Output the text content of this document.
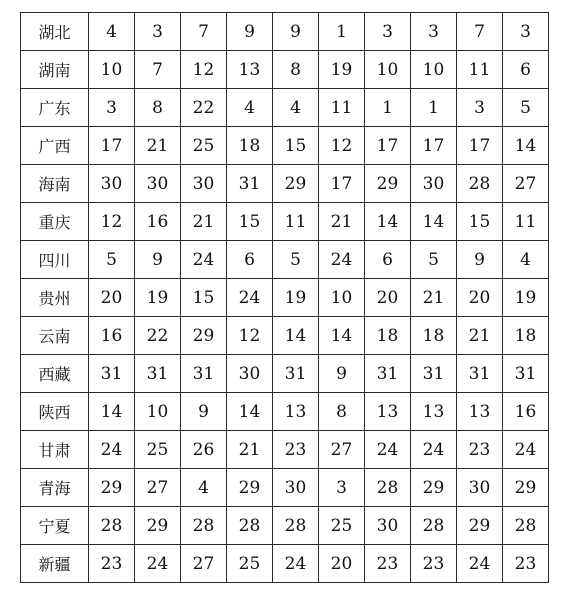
湖北	4	3	7	9	9	1	3	3	7	3
湖南	10	7	12	13	8	19	10	10	11	6
广东	3	8	22	4	4	11	1	1	3	5
广西	17	21	25	18	15	12	17	17	17	14
海南	30	30	30	31	29	17	29	30	28	27
重庆	12	16	21	15	11	21	14	14	15	11
四川	5	9	24	6	5	24	6	5	9	4
贵州	20	19	15	24	19	10	20	21	20	19
云南	16	22	29	12	14	14	18	18	21	18
西藏	31	31	31	30	31	9	31	31	31	31
陕西	14	10	9	14	13	8	13	13	13	16
甘肃	24	25	26	21	23	27	24	24	23	24
青海	29	27	4	29	30	3	28	29	30	29
宁夏	28	29	28	28	28	25	30	28	29	28
新疆	23	24	27	25	24	20	23	23	24	23
